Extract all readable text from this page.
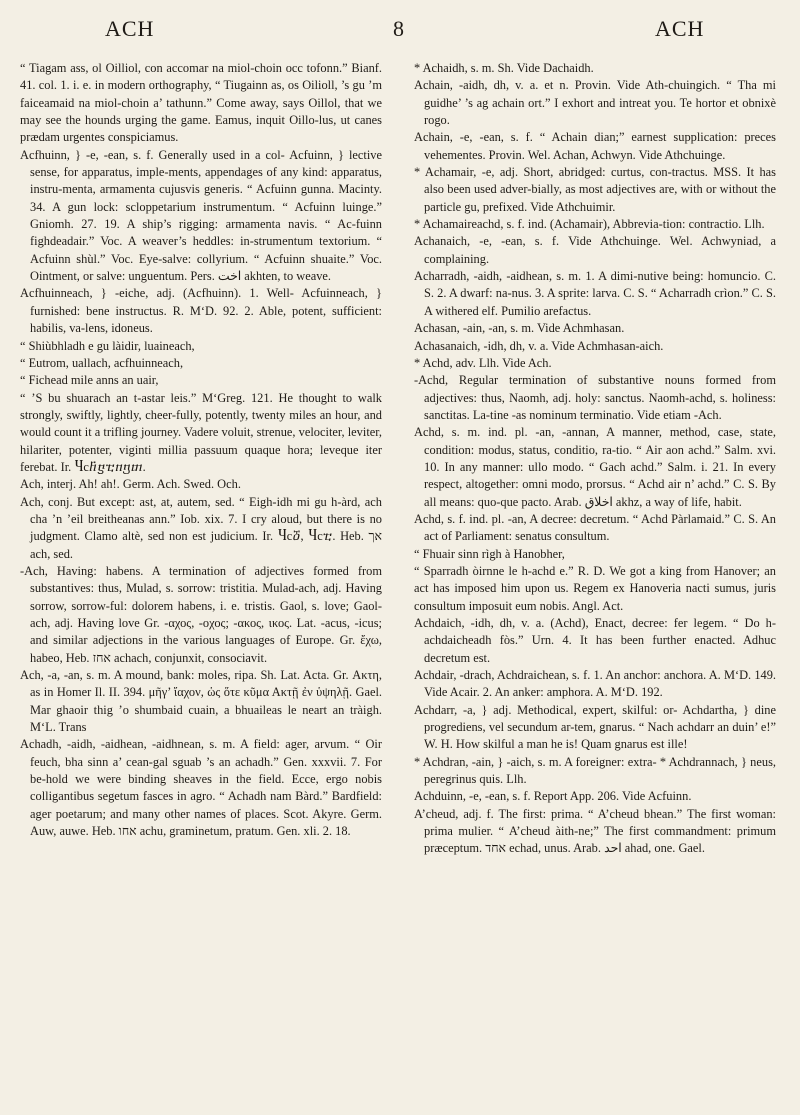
ACH	8	ACH

“ Tiagam ass, ol Oilliol, con accomar na miol-choin occ tofonn.” Bianf. 41. col. 1. i. e. in modern orthography, “ Tiugainn as, os Oilioll, ’s gu ’m faiceamaid na miol-choin a’ tathunn.” Come away, says Oillol, that we may see the hounds urging the game. Eamus, inquit Oillo-lus, ut canes prædam urgentes conspiciamus.

Acfhuinn, } -e, -ean, s. f. Generally used in a col- Acfuinn, } lective sense, for apparatus, imple-ments, appendages of any kind: apparatus, instru-menta, armamenta cujusvis generis. “ Acfuinn gunna. Macinty. 34. A gun lock: scloppetarium instrumentum. “ Acfuinn luinge.” Gniomh. 27. 19. A ship’s rigging: armamenta navis. “ Ac-fuinn fighdeadair.” Voc. A weaver’s heddles: in-strumentum textorium. “ Acfuinn shùl.” Voc. Eye-salve: collyrium. “ Acfuinn shuaite.” Voc. Ointment, or salve: unguentum. Pers. اخت akhten, to weave.

Acfhuinneach, } -eiche, adj. (Acfhuinn). 1. Well- Acfuinneach, } furnished: bene instructus. R. M‘D. 92. 2. Able, potent, sufficient: habilis, va-lens, idoneus.

“ Shiùbhladh e gu làidir, luaineach,

“ Eutrom, uallach, acfhuinneach,

“ Fichead mile anns an uair,

“ ’S bu shuarach an t-astar leis.” M‘Greg. 121. He thought to walk strongly, swiftly, lightly, cheer-fully, potently, twenty miles an hour, and would count it a trifling journey. Vadere voluit, strenue, velociter, leviter, hilariter, potenter, viginti millia passuum quaque hora; leveque iter ferebat. Ir. Ⴗcⴌⴝⴀⴖⴂⴇ.

Ach, interj. Ah! ah!. Germ. Ach. Swed. Och.

Ach, conj. But except: ast, at, autem, sed. “ Eigh-idh mi gu h-àrd, ach cha ’n ’eil breitheanas ann.” Iob. xix. 7. I cry aloud, but there is no judgment. Clamo altè, sed non est judicium. Ir. Ⴗcⴃ, Ⴗcⴀ. Heb. אך ach, sed.

-Ach, Having: habens. A termination of adjectives formed from substantives: thus, Mulad, s. sorrow: tristitia. Mulad-ach, adj. Having sorrow, sorrow-ful: dolorem habens, i. e. tristis. Gaol, s. love; Gaol-ach, adj. Having love Gr. -αχος, -οχος; -ακος, ικος. Lat. -acus, -icus; and similar adjections in the various languages of Europe. Gr. ἔχω, habeo, Heb. אחז achach, conjunxit, consociavit.

Ach, -a, -an, s. m. A mound, bank: moles, ripa. Sh. Lat. Acta. Gr. Ακτη, as in Homer Il. II. 394. μῆγ’ ἴαχον, ὡς ὅτε κῦμα Ακτῇ ἐν ὑψηλῇ. Gael. Mar ghaoir thig ’o shumbaid cuain, a bhuaileas le neart an tràigh. M‘L. Trans

Achadh, -aidh, -aidhean, -aidhnean, s. m. A field: ager, arvum. “ Oir feuch, bha sinn a’ cean-gal sguab ’s an achadh.” Gen. xxxvii. 7. For be-hold we were binding sheaves in the field. Ecce, ergo nobis colligantibus segetum fasces in agro. “ Achadh nam Bàrd.” Bardfield: ager poetarum; and many other names of places. Scot. Akyre. Germ. Auw, auwe. Heb. אחו achu, graminetum, pratum. Gen. xli. 2. 18.

* Achaidh, s. m. Sh. Vide Dachaidh.

Achain, -aidh, dh, v. a. et n. Provin. Vide Ath-chuingich. “ Tha mi guidhe’ ’s ag achain ort.” I exhort and intreat you. Te hortor et obnixè rogo.

Achain, -e, -ean, s. f. “ Achain dian;” earnest supplication: preces vehementes. Provin. Wel. Achan, Achwyn. Vide Athchuinge.

* Achamair, -e, adj. Short, abridged: curtus, con-tractus. MSS. It has also been used adver-bially, as most adjectives are, with or without the particle gu, prefixed. Vide Athchuimir.

* Achamaireachd, s. f. ind. (Achamair), Abbrevia-tion: contractio. Llh.

Achanaich, -e, -ean, s. f. Vide Athchuinge. Wel. Achwyniad, a complaining.

Acharradh, -aidh, -aidhean, s. m. 1. A dimi-nutive being: homuncio. C. S. 2. A dwarf: na-nus. 3. A sprite: larva. C. S. “ Acharradh crìon.” C. S. A withered elf. Pumilio arefactus.

Achasan, -ain, -an, s. m. Vide Achmhasan.

Achasanaich, -idh, dh, v. a. Vide Achmhasan-aich.

* Achd, adv. Llh. Vide Ach.

-Achd, Regular termination of substantive nouns formed from adjectives: thus, Naomh, adj. holy: sanctus. Naomh-achd, s. holiness: sanctitas. La-tine -as nominum terminatio. Vide etiam -Ach.

Achd, s. m. ind. pl. -an, -annan, A manner, method, case, state, condition: modus, status, conditio, ra-tio. “ Air aon achd.” Salm. xvi. 10. In any manner: ullo modo. “ Gach achd.” Salm. i. 21. In every respect, altogether: omni modo, prorsus. “ Achd air n’ achd.” C. S. By all means: quo-que pacto. Arab. اخلاق akhz, a way of life, habit.

Achd, s. f. ind. pl. -an, A decree: decretum. “ Achd Pàrlamaid.” C. S. An act of Parliament: senatus consultum.

“ Fhuair sinn rìgh à Hanobher,

“ Sparradh òirnne le h-achd e.” R. D. We got a king from Hanover; an act has imposed him upon us. Regem ex Hanoveria nacti sumus, juris consultum imposuit eum nobis. Angl. Act.

Achdaich, -idh, dh, v. a. (Achd), Enact, decree: fer legem. “ Do h-achdaicheadh fòs.” Urn. 4. It has been further enacted. Adhuc decretum est.

Achdair, -drach, Achdraichean, s. f. 1. An anchor: anchora. A. M‘D. 149. Vide Acair. 2. An anker: amphora. A. M‘D. 192.

Achdarr, -a, } adj. Methodical, expert, skilful: or- Achdartha, } dine progrediens, vel secundum ar-tem, gnarus. “ Nach achdarr an duin’ e!” W. H. How skilful a man he is! Quam gnarus est ille!

* Achdran, -ain, } -aich, s. m. A foreigner: extra- * Achdrannach, } neus, peregrinus quis. Llh.

Achduinn, -e, -ean, s. f. Report App. 206. Vide Acfuinn.

A’cheud, adj. f. The first: prima. “ A’cheud bhean.” The first woman: prima mulier. “ A’cheud àith-ne;” The first commandment: primum præceptum. אחד echad, unus. Arab. احد ahad, one. Gael.
